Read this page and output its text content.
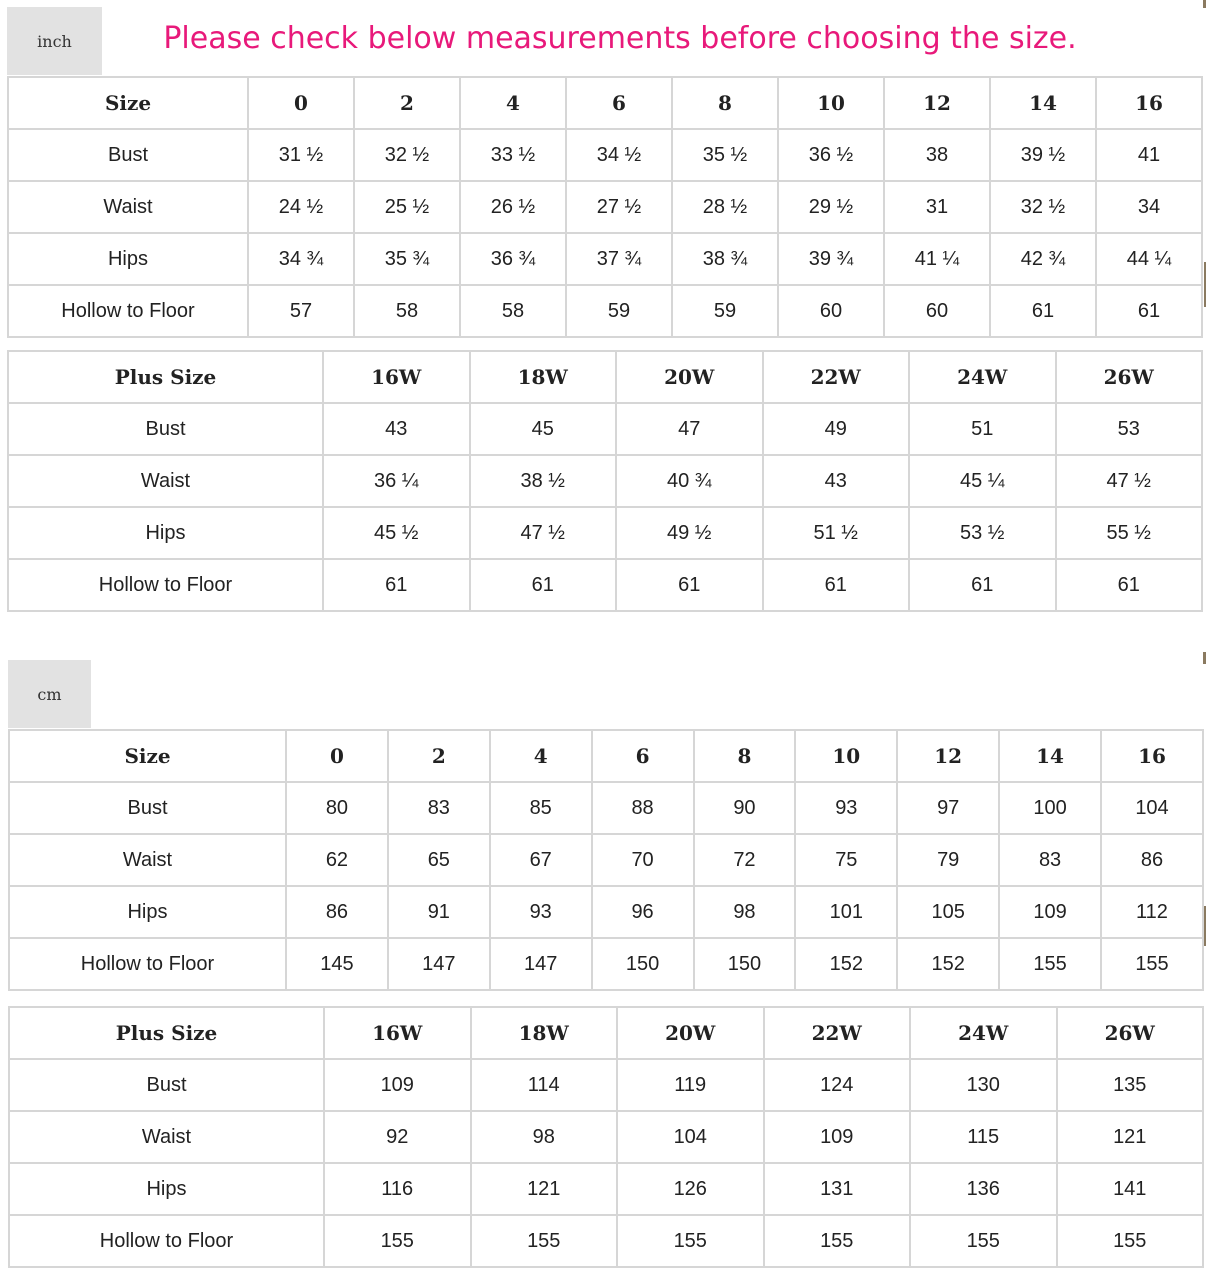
inch	Please check below measurements before choosing the size.
Size	0	2	4	6	8	10	12	14	16
Bust	31 ½	32 ½	33 ½	34 ½	35 ½	36 ½	38	39 ½	41
Waist	24 ½	25 ½	26 ½	27 ½	28 ½	29 ½	31	32 ½	34
Hips	34 ¾	35 ¾	36 ¾	37 ¾	38 ¾	39 ¾	41 ¼	42 ¾	44 ¼
Hollow to Floor	57	58	58	59	59	60	60	61	61
Plus Size	16W	18W	20W	22W	24W	26W
Bust	43	45	47	49	51	53
Waist	36 ¼	38 ½	40 ¾	43	45 ¼	47 ½
Hips	45 ½	47 ½	49 ½	51 ½	53 ½	55 ½
Hollow to Floor	61	61	61	61	61	61
cm
Size	0	2	4	6	8	10	12	14	16
Bust	80	83	85	88	90	93	97	100	104
Waist	62	65	67	70	72	75	79	83	86
Hips	86	91	93	96	98	101	105	109	112
Hollow to Floor	145	147	147	150	150	152	152	155	155
Plus Size	16W	18W	20W	22W	24W	26W
Bust	109	114	119	124	130	135
Waist	92	98	104	109	115	121
Hips	116	121	126	131	136	141
Hollow to Floor	155	155	155	155	155	155
